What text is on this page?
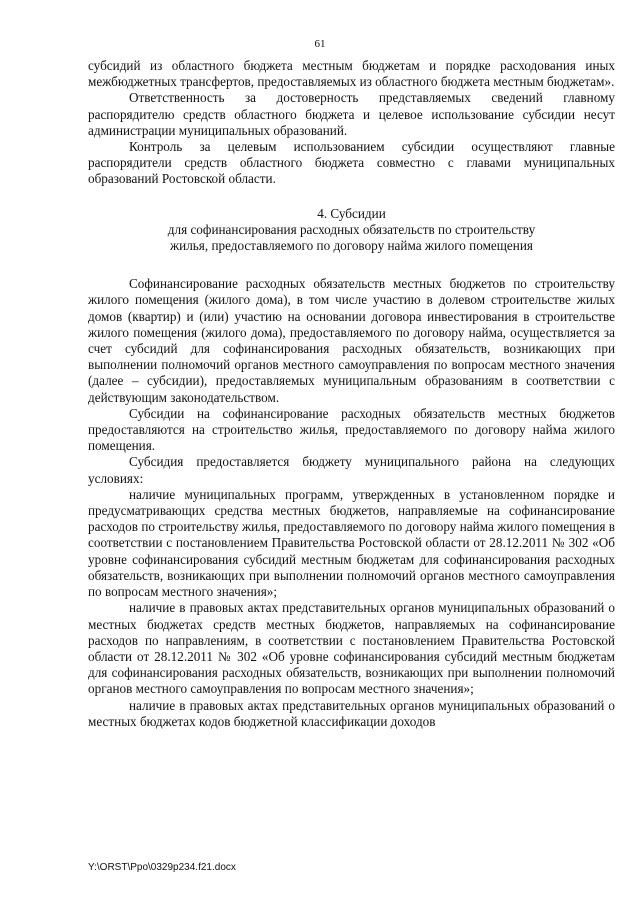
61

субсидий из областного бюджета местным бюджетам и порядке расходования иных межбюджетных трансфертов, предоставляемых из областного бюджета местным бюджетам».

Ответственность за достоверность представляемых сведений главному распорядителю средств областного бюджета и целевое использование субсидии несут администрации муниципальных образований.

Контроль за целевым использованием субсидии осуществляют главные распорядители средств областного бюджета совместно с главами муниципальных образований Ростовской области.

4. Субсидии

для софинансирования расходных обязательств по строительству

жилья, предоставляемого по договору найма жилого помещения

Софинансирование расходных обязательств местных бюджетов по строительству жилого помещения (жилого дома), в том числе участию в долевом строительстве жилых домов (квартир) и (или) участию на основании договора инвестирования в строительстве жилого помещения (жилого дома), предоставляемого по договору найма, осуществляется за счет субсидий для софинансирования расходных обязательств, возникающих при выполнении полномочий органов местного самоуправления по вопросам местного значения (далее – субсидии), предоставляемых муниципальным образованиям в соответствии с действующим законодательством.

Субсидии на софинансирование расходных обязательств местных бюджетов предоставляются на строительство жилья, предоставляемого по договору найма жилого помещения.

Субсидия предоставляется бюджету муниципального района на следующих условиях:

наличие муниципальных программ, утвержденных в установленном порядке и предусматривающих средства местных бюджетов, направляемые на софинансирование расходов по строительству жилья, предоставляемого по договору найма жилого помещения в соответствии с постановлением Правительства Ростовской области от 28.12.2011 № 302 «Об уровне софинансирования субсидий местным бюджетам для софинансирования расходных обязательств, возникающих при выполнении полномочий органов местного самоуправления по вопросам местного значения»;

наличие в правовых актах представительных органов муниципальных образований о местных бюджетах средств местных бюджетов, направляемых на софинансирование расходов по направлениям, в соответствии с постановлением Правительства Ростовской области от 28.12.2011 № 302 «Об уровне софинансирования субсидий местным бюджетам для софинансирования расходных обязательств, возникающих при выполнении полномочий органов местного самоуправления по вопросам местного значения»;

наличие в правовых актах представительных органов муниципальных образований о местных бюджетах кодов бюджетной классификации доходов

Y:\ORST\Ppo\0329p234.f21.docx
